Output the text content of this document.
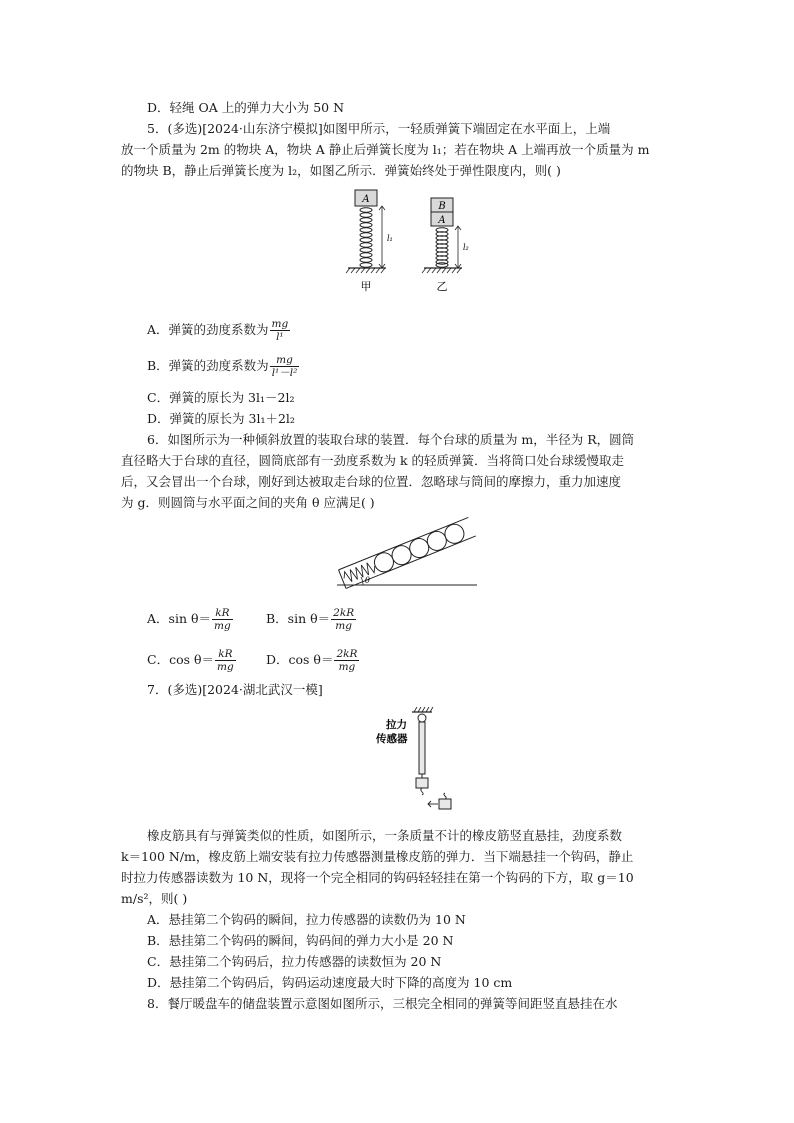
D．轻绳 OA 上的弹力大小为 50 N
5．(多选)[2024·山东济宁模拟]如图甲所示，一轻质弹簧下端固定在水平面上，上端
放一个质量为 2m 的物块 A，物块 A 静止后弹簧长度为 l₁；若在物块 A 上端再放一个质量为 m
的物块 B，静止后弹簧长度为 l₂，如图乙所示．弹簧始终处于弹性限度内，则( )
A
l₁
甲
B
A
l₂
乙
A．弹簧的劲度系数为 $\frac{mg}{\text{l¹}}$
B．弹簧的劲度系数为 $\frac{mg}{\text{l¹－l²}}$
C．弹簧的原长为 3l₁－2l₂
D．弹簧的原长为 3l₁＋2l₂
6．如图所示为一种倾斜放置的装取台球的装置．每个台球的质量为 m，半径为 R，圆筒
直径略大于台球的直径，圆筒底部有一劲度系数为 k 的轻质弹簧．当将筒口处台球缓慢取走
后，又会冒出一个台球，刚好到达被取走台球的位置．忽略球与筒间的摩擦力，重力加速度
为 g．则圆筒与水平面之间的夹角 θ 应满足( )
θ
A．$\sin \theta= \frac{kR}{mg}$	B．$\sin \theta= \frac{2kR}{mg}$
C．$\cos \theta= \frac{kR}{mg}$ D．$\cos \theta= \frac{2kR}{mg}$
7．(多选)[2024·湖北武汉一模]
拉力
传感器
橡皮筋具有与弹簧类似的性质，如图所示，一条质量不计的橡皮筋竖直悬挂，劲度系数
k＝100 N/m，橡皮筋上端安装有拉力传感器测量橡皮筋的弹力．当下端悬挂一个钩码，静止
时拉力传感器读数为 10 N，现将一个完全相同的钩码轻轻挂在第一个钩码的下方，取 g＝10
m/s²，则( )
A．悬挂第二个钩码的瞬间，拉力传感器的读数仍为 10 N
B．悬挂第二个钩码的瞬间，钩码间的弹力大小是 20 N
C．悬挂第二个钩码后，拉力传感器的读数恒为 20 N
D．悬挂第二个钩码后，钩码运动速度最大时下降的高度为 10 cm
8．餐厅暖盘车的储盘装置示意图如图所示，三根完全相同的弹簧等间距竖直悬挂在水
